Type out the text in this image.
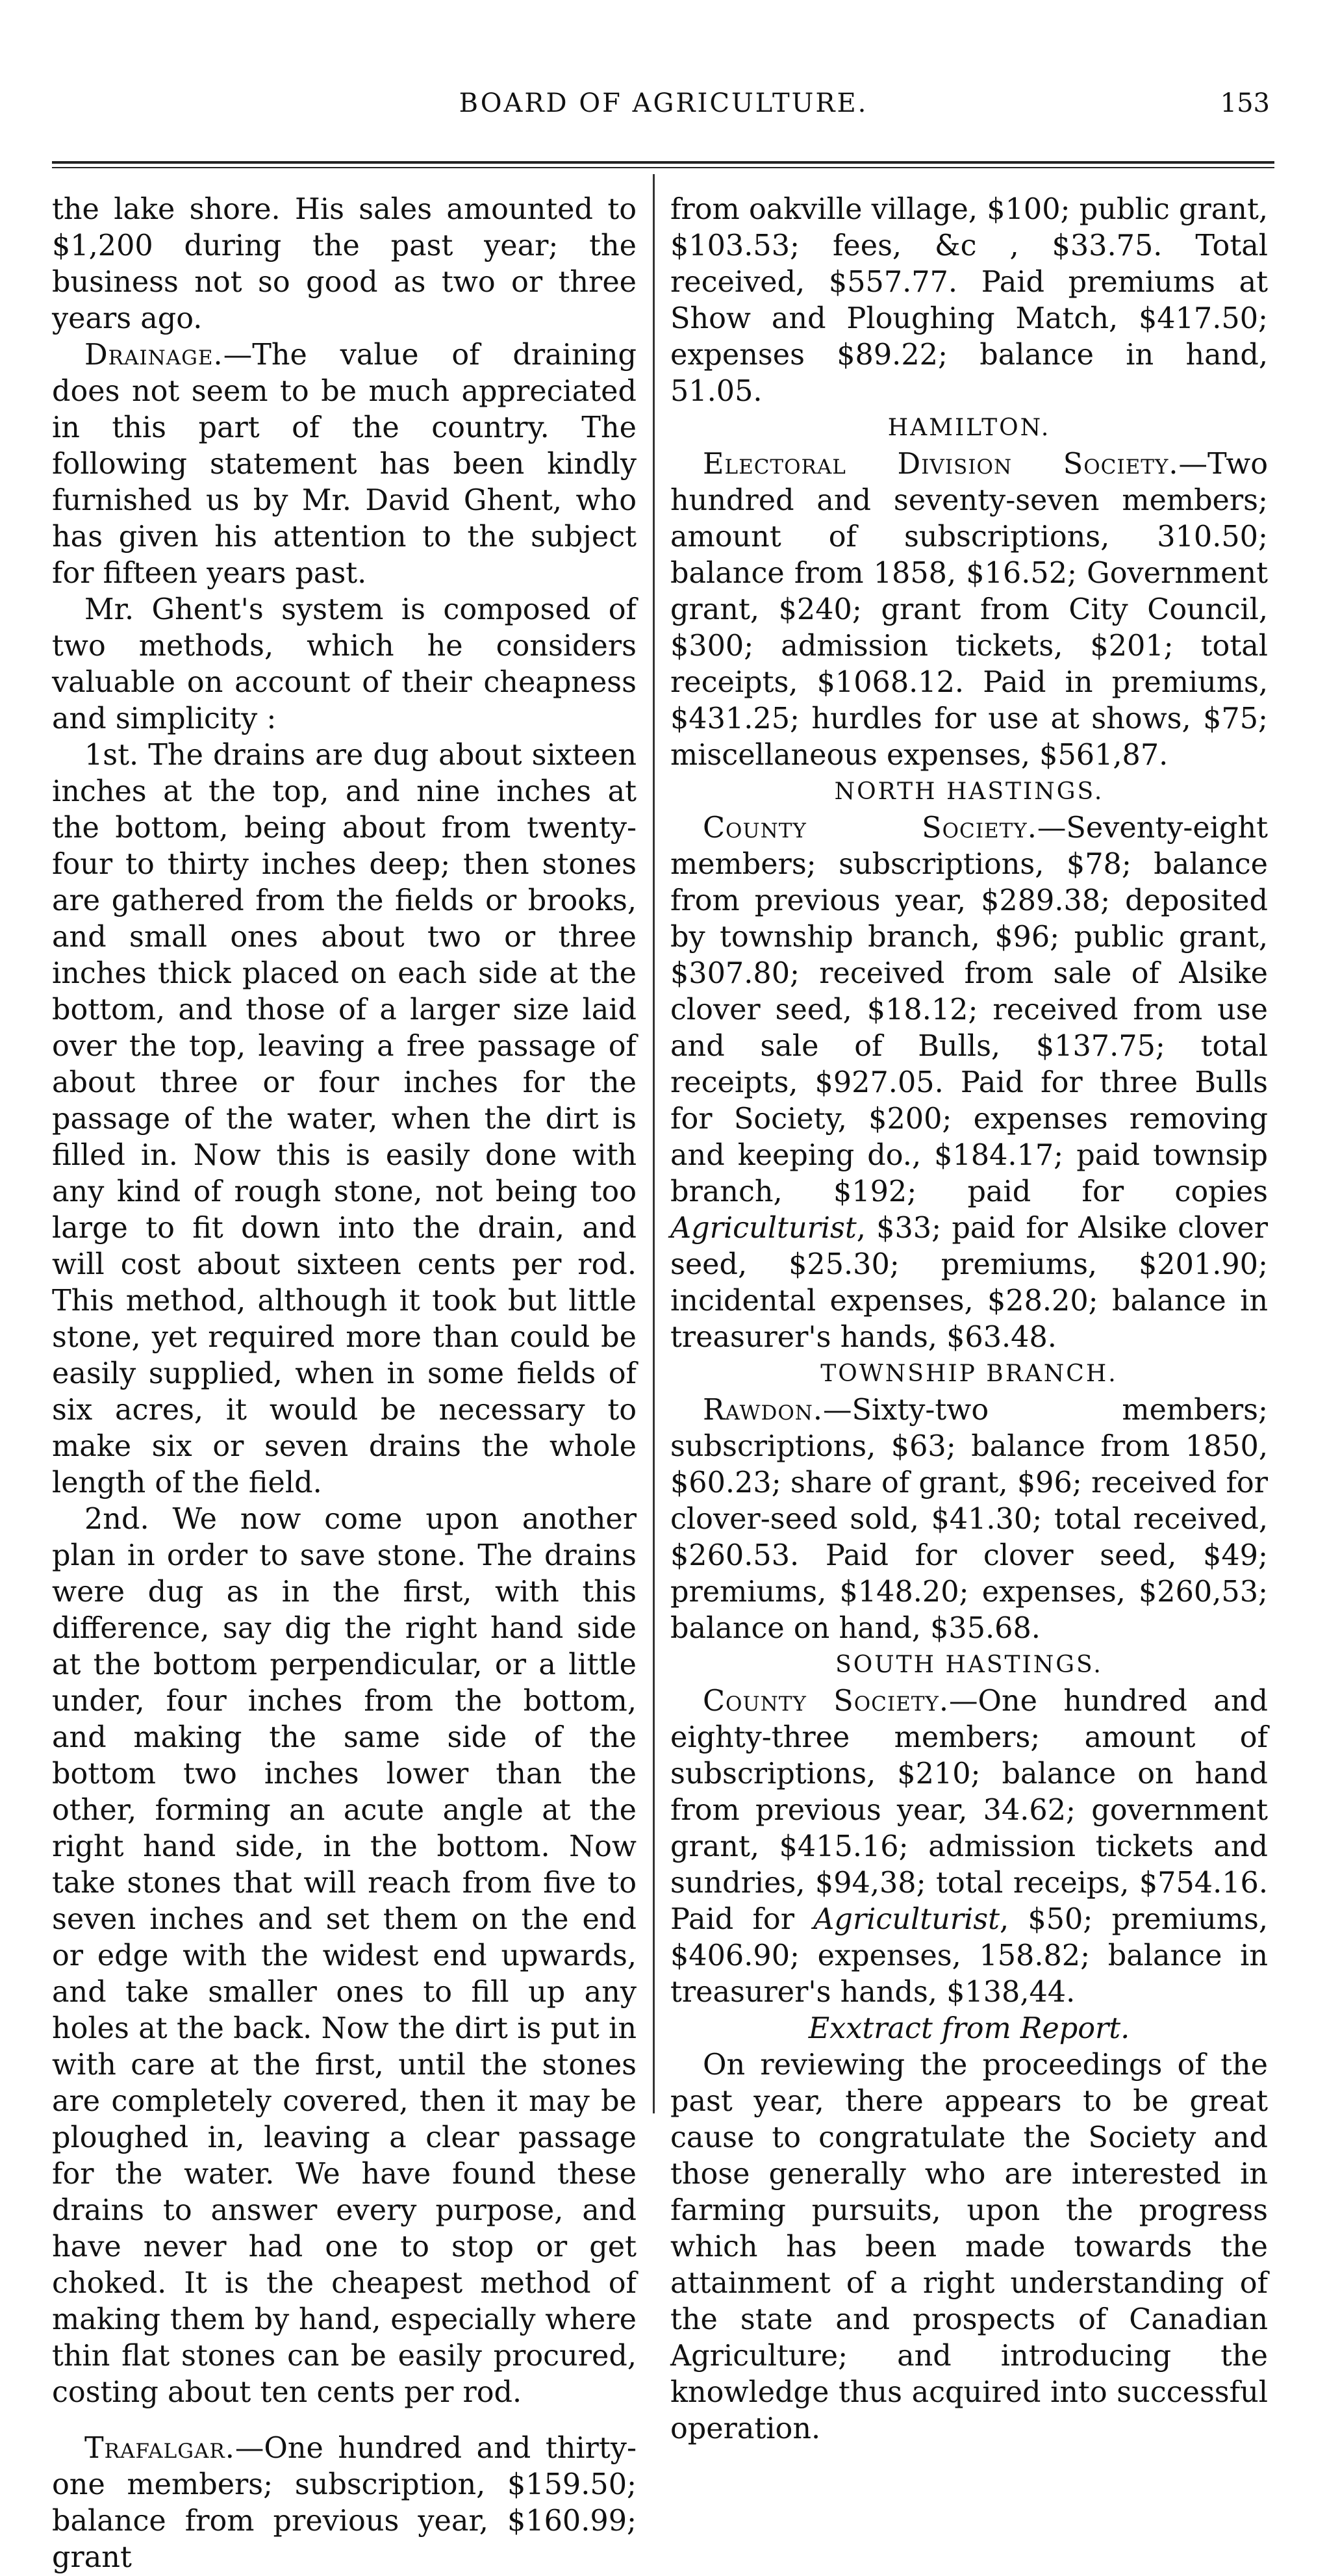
BOARD OF AGRICULTURE.	153

the lake shore. His sales amounted to $1,200 during the past year; the business not so good as two or three years ago.

Drainage.—The value of draining does not seem to be much appreciated in this part of the country. The following statement has been kindly furnished us by Mr. David Ghent, who has given his attention to the subject for fifteen years past.

Mr. Ghent's system is composed of two methods, which he considers valuable on account of their cheapness and simplicity :

1st. The drains are dug about sixteen inches at the top, and nine inches at the bottom, being about from twenty-four to thirty inches deep; then stones are gathered from the fields or brooks, and small ones about two or three inches thick placed on each side at the bottom, and those of a larger size laid over the top, leaving a free passage of about three or four inches for the passage of the water, when the dirt is filled in. Now this is easily done with any kind of rough stone, not being too large to fit down into the drain, and will cost about sixteen cents per rod. This method, although it took but little stone, yet required more than could be easily supplied, when in some fields of six acres, it would be necessary to make six or seven drains the whole length of the field.

2nd. We now come upon another plan in order to save stone. The drains were dug as in the first, with this difference, say dig the right hand side at the bottom perpendicular, or a little under, four inches from the bottom, and making the same side of the bottom two inches lower than the other, forming an acute angle at the right hand side, in the bottom. Now take stones that will reach from five to seven inches and set them on the end or edge with the widest end upwards, and take smaller ones to fill up any holes at the back. Now the dirt is put in with care at the first, until the stones are completely covered, then it may be ploughed in, leaving a clear passage for the water. We have found these drains to answer every purpose, and have never had one to stop or get choked. It is the cheapest method of making them by hand, especially where thin flat stones can be easily procured, costing about ten cents per rod.

Trafalgar.—One hundred and thirty-one members; subscription, $159.50; balance from previous year, $160.99; grant

from oakville village, $100; public grant, $103.53; fees, &c , $33.75. Total received, $557.77. Paid premiums at Show and Ploughing Match, $417.50; expenses $89.22; balance in hand, 51.05.

HAMILTON.

Electoral Division Society.—Two hundred and seventy-seven members; amount of subscriptions, 310.50; balance from 1858, $16.52; Government grant, $240; grant from City Council, $300; admission tickets, $201; total receipts, $1068.12. Paid in premiums, $431.25; hurdles for use at shows, $75; miscellaneous expenses, $561,87.

NORTH HASTINGS.

County Society.—Seventy-eight members; subscriptions, $78; balance from previous year, $289.38; deposited by township branch, $96; public grant, $307.80; received from sale of Alsike clover seed, $18.12; received from use and sale of Bulls, $137.75; total receipts, $927.05. Paid for three Bulls for Society, $200; expenses removing and keeping do., $184.17; paid townsip branch, $192; paid for copies Agriculturist, $33; paid for Alsike clover seed, $25.30; premiums, $201.90; incidental expenses, $28.20; balance in treasurer's hands, $63.48.

TOWNSHIP BRANCH.

Rawdon.—Sixty-two members; subscriptions, $63; balance from 1850, $60.23; share of grant, $96; received for clover-seed sold, $41.30; total received, $260.53. Paid for clover seed, $49; premiums, $148.20; expenses, $260,53; balance on hand, $35.68.

SOUTH HASTINGS.

County Society.—One hundred and eighty-three members; amount of subscriptions, $210; balance on hand from previous year, 34.62; government grant, $415.16; admission tickets and sundries, $94,38; total receips, $754.16. Paid for Agriculturist, $50; premiums, $406.90; expenses, 158.82; balance in treasurer's hands, $138,44.

Exxtract from Report.

On reviewing the proceedings of the past year, there appears to be great cause to congratulate the Society and those generally who are interested in farming pursuits, upon the progress which has been made towards the attainment of a right understanding of the state and prospects of Canadian Agriculture; and introducing the knowledge thus acquired into successful operation.
